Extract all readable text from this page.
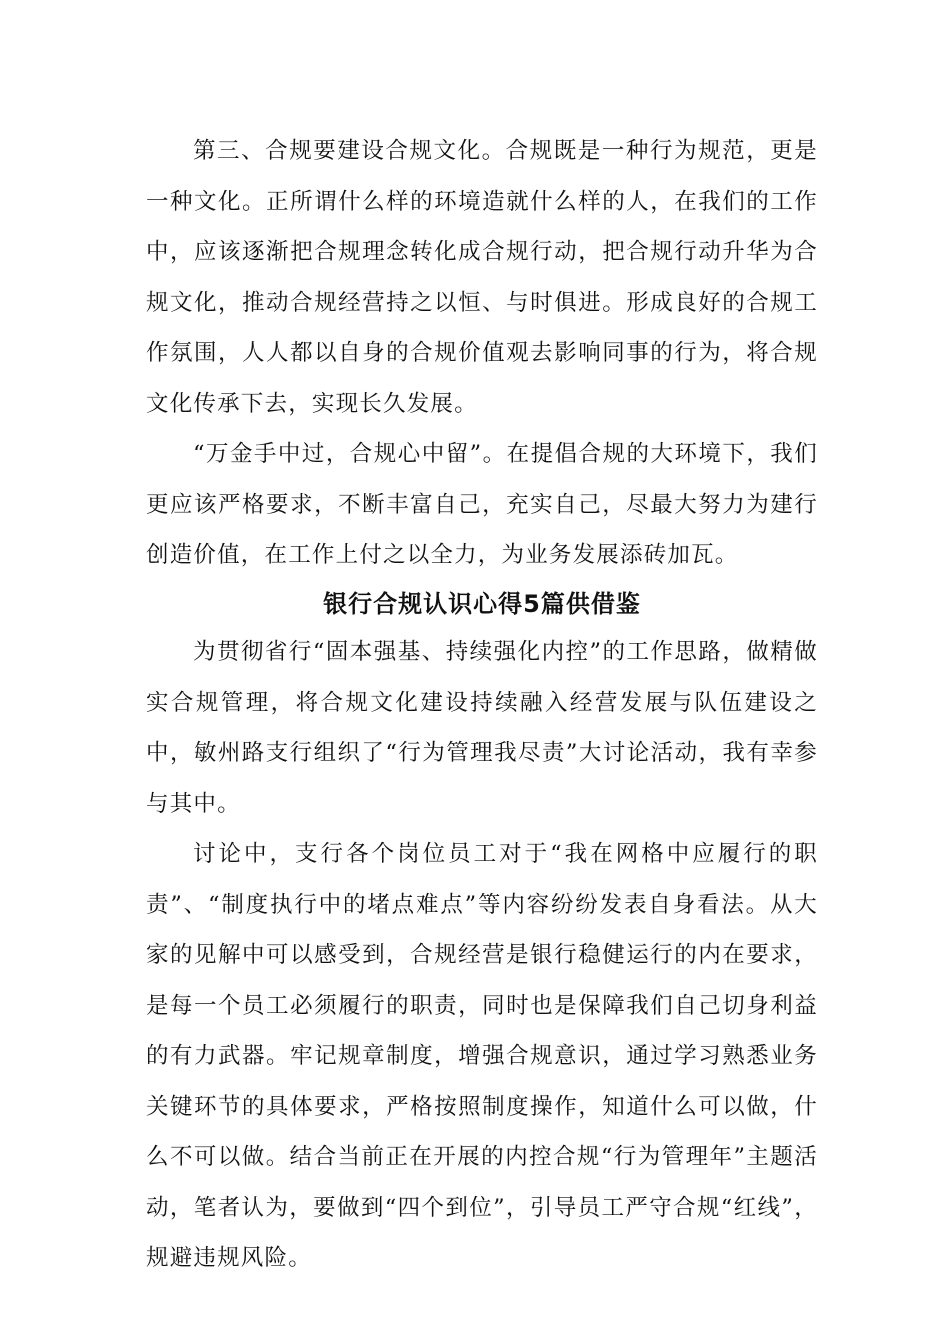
第三、合规要建设合规文化。合规既是一种行为规范，更是一种文化。正所谓什么样的环境造就什么样的人，在我们的工作中，应该逐渐把合规理念转化成合规行动，把合规行动升华为合规文化，推动合规经营持之以恒、与时俱进。形成良好的合规工作氛围，人人都以自身的合规价值观去影响同事的行为，将合规文化传承下去，实现长久发展。

“万金手中过，合规心中留”。在提倡合规的大环境下，我们更应该严格要求，不断丰富自己，充实自己，尽最大努力为建行创造价值，在工作上付之以全力，为业务发展添砖加瓦。

银行合规认识心得5篇供借鉴

为贯彻省行“固本强基、持续强化内控”的工作思路，做精做实合规管理，将合规文化建设持续融入经营发展与队伍建设之中，敏州路支行组织了“行为管理我尽责”大讨论活动，我有幸参与其中。

讨论中，支行各个岗位员工对于“我在网格中应履行的职责”、“制度执行中的堵点难点”等内容纷纷发表自身看法。从大家的见解中可以感受到，合规经营是银行稳健运行的内在要求，是每一个员工必须履行的职责，同时也是保障我们自己切身利益的有力武器。牢记规章制度，增强合规意识，通过学习熟悉业务关键环节的具体要求，严格按照制度操作，知道什么可以做，什么不可以做。结合当前正在开展的内控合规“行为管理年”主题活动，笔者认为，要做到“四个到位”，引导员工严守合规“红线”，规避违规风险。
